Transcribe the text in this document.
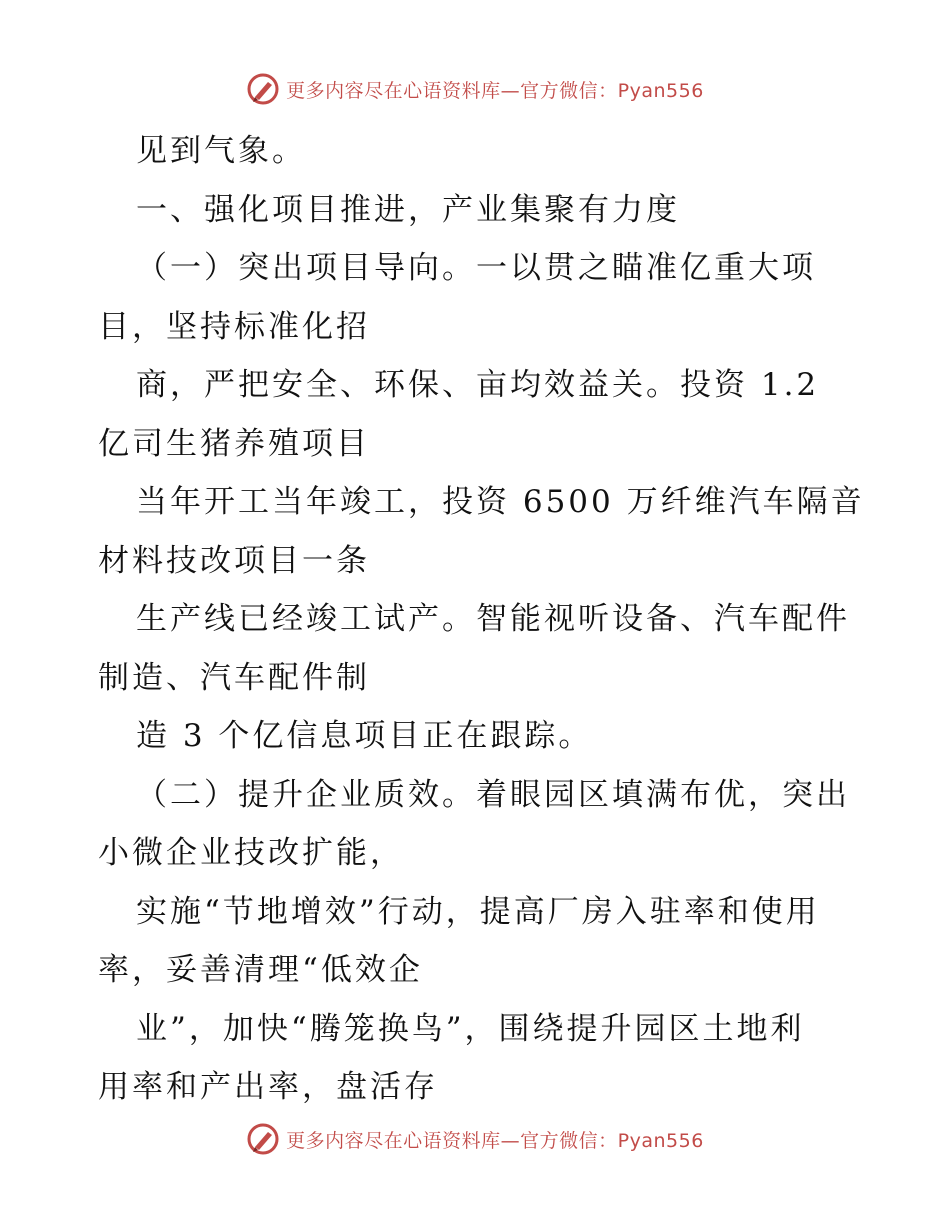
更多内容尽在心语资料库—官方微信：Pyan556
见到气象。
一、强化项目推进，产业集聚有力度
（一）突出项目导向。一以贯之瞄准亿重大项
目，坚持标准化招
商，严把安全、环保、亩均效益关。投资 1.2
亿司生猪养殖项目
当年开工当年竣工，投资 6500 万纤维汽车隔音
材料技改项目一条
生产线已经竣工试产。智能视听设备、汽车配件
制造、汽车配件制
造 3 个亿信息项目正在跟踪。
（二）提升企业质效。着眼园区填满布优，突出
小微企业技改扩能，
实施“节地增效”行动，提高厂房入驻率和使用
率，妥善清理“低效企
业”，加快“腾笼换鸟”，围绕提升园区土地利
用率和产出率，盘活存
更多内容尽在心语资料库—官方微信：Pyan556
